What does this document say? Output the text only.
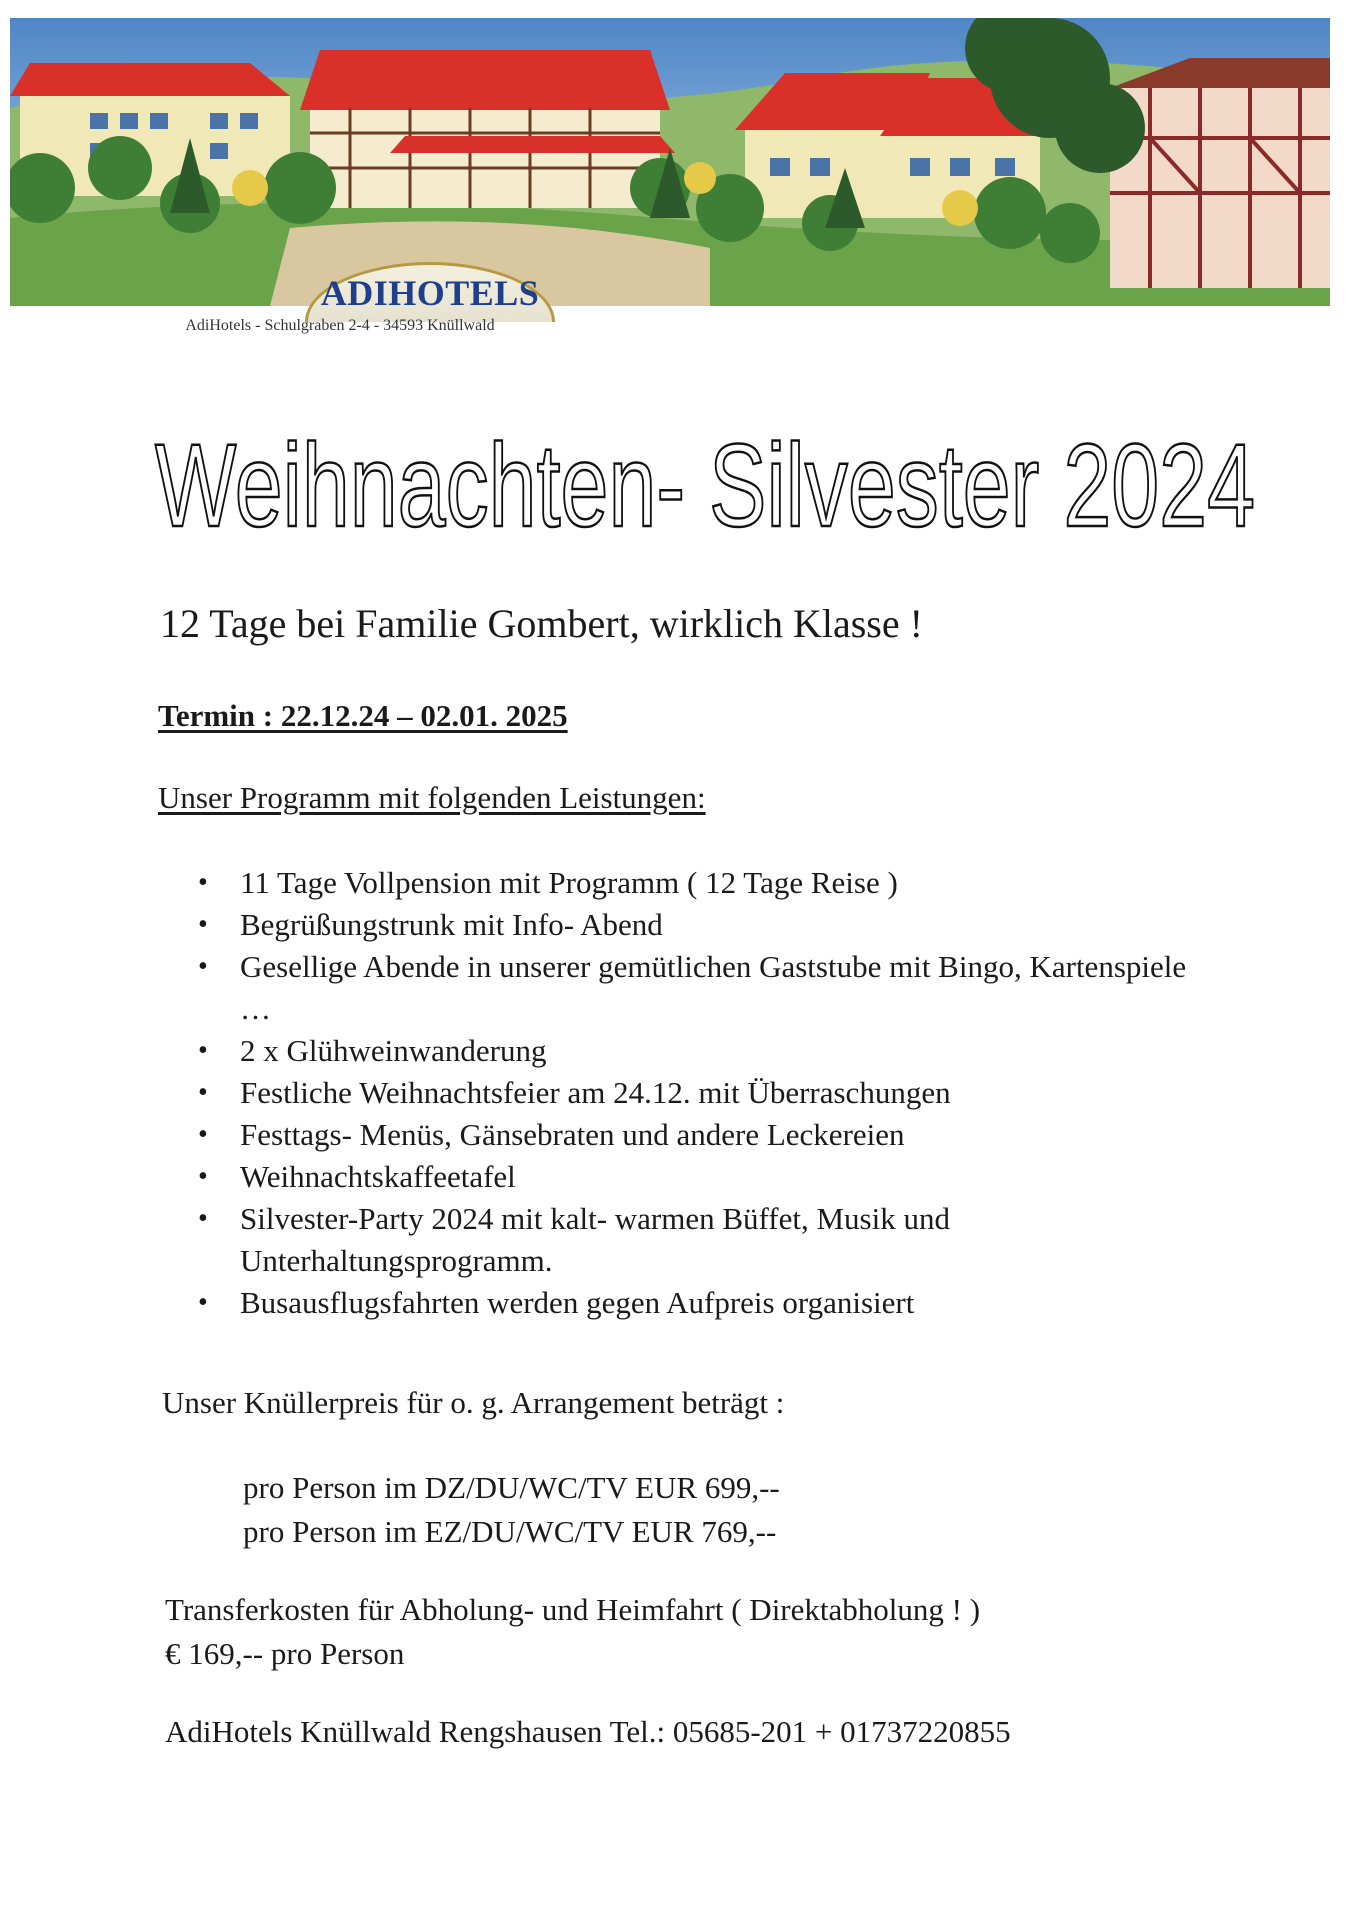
ADIHOTELS
AdiHotels - Schulgraben 2-4 - 34593 Knüllwald
Weihnachten- Silvester 2024
12 Tage bei Familie Gombert, wirklich Klasse !
Termin : 22.12.24 – 02.01. 2025
Unser Programm mit folgenden Leistungen:
• 11 Tage Vollpension mit Programm ( 12 Tage Reise )
• Begrüßungstrunk mit Info- Abend
• Gesellige Abende in unserer gemütlichen Gaststube mit Bingo, Kartenspiele …
• 2 x Glühweinwanderung
• Festliche Weihnachtsfeier am 24.12. mit Überraschungen
• Festtags- Menüs, Gänsebraten und andere Leckereien
• Weihnachtskaffeetafel
• Silvester-Party 2024 mit kalt- warmen Büffet, Musik und Unterhaltungsprogramm.
• Busausflugsfahrten werden gegen Aufpreis organisiert
Unser Knüllerpreis für o. g. Arrangement beträgt :
pro Person im DZ/DU/WC/TV EUR 699,--
pro Person im EZ/DU/WC/TV EUR 769,--
Transferkosten für Abholung- und Heimfahrt ( Direktabholung ! )
€ 169,-- pro Person
AdiHotels Knüllwald Rengshausen Tel.: 05685-201 + 01737220855
